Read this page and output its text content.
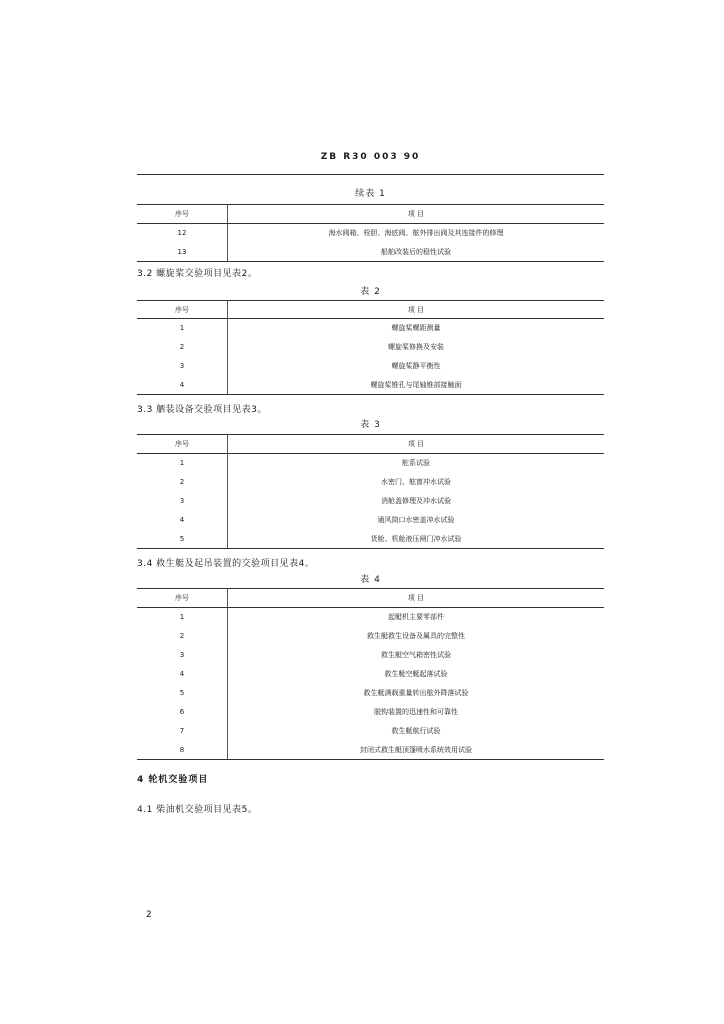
ZB R30 003 90
续表 1
序号	项 目
12	海水阀箱、栓胆、海底阀、舷外排出阀及其连接件的修理
13	船舶改装后的稳性试验
3.2 螺旋桨交验项目见表2。
表 2
序号	项 目
1	螺旋桨螺距测量
2	螺旋桨修换及安装
3	螺旋桨静平衡性
4	螺旋桨锥孔与尾轴锥部接触面
3.3 舾装设备交验项目见表3。
表 3
序号	项 目
1	舵系试验
2	水密门、舷窗冲水试验
3	消舱盖修理及冲水试验
4	通风筒口水密盖冲水试验
5	货舱、机舱液压闸门冲水试验
3.4 救生艇及起吊装置的交验项目见表4。
表 4
序号	项 目
1	起艇机主要零部件
2	救生艇救生设备及属具的完整性
3	救生艇空气箱密性试验
4	救生艇空艇起落试验
5	救生艇满载重量转出舷外降落试验
6	脱钩装置的迅速性和可靠性
7	救生艇航行试验
8	封闭式救生艇顶篷喷水系统效用试验
4 轮机交验项目
4.1 柴油机交验项目见表5。
2
